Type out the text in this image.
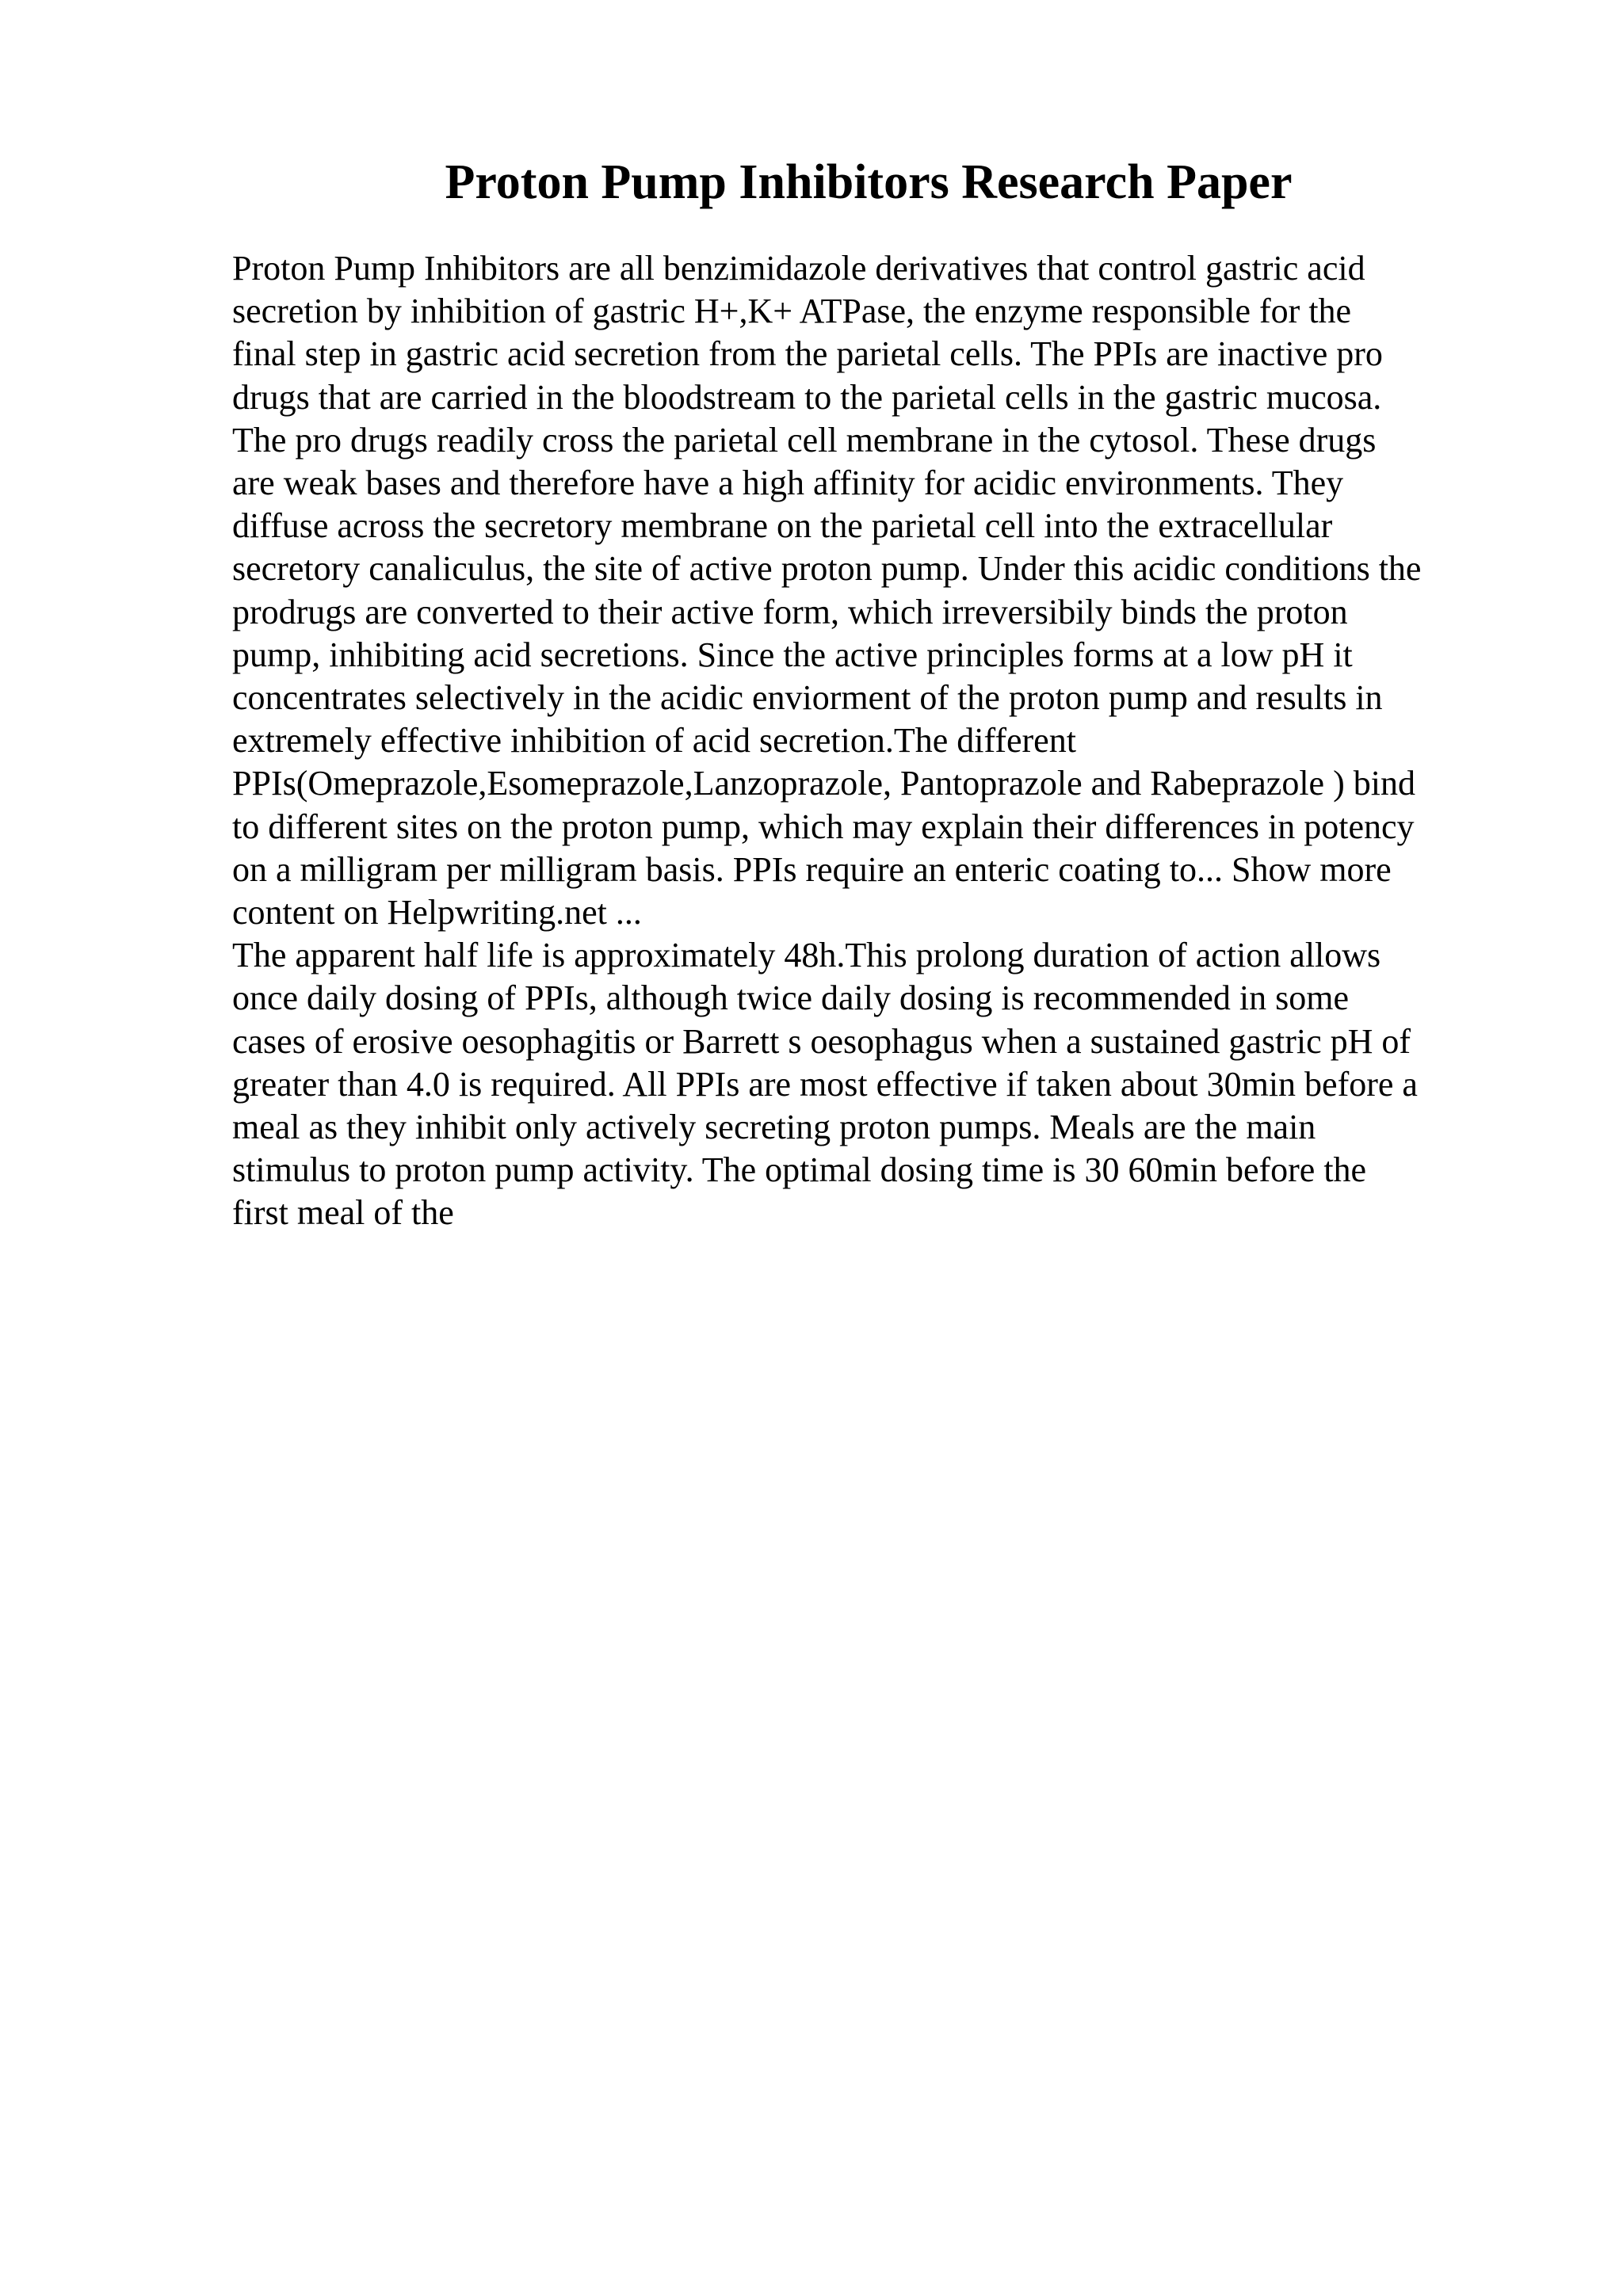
Proton Pump Inhibitors Research Paper
Proton Pump Inhibitors are all benzimidazole derivatives that control gastric acid
secretion by inhibition of gastric H+,K+ ATPase, the enzyme responsible for the
final step in gastric acid secretion from the parietal cells. The PPIs are inactive pro
drugs that are carried in the bloodstream to the parietal cells in the gastric mucosa.
The pro drugs readily cross the parietal cell membrane in the cytosol. These drugs
are weak bases and therefore have a high affinity for acidic environments. They
diffuse across the secretory membrane on the parietal cell into the extracellular
secretory canaliculus, the site of active proton pump. Under this acidic conditions the
prodrugs are converted to their active form, which irreversibily binds the proton
pump, inhibiting acid secretions. Since the active principles forms at a low pH it
concentrates selectively in the acidic enviorment of the proton pump and results in
extremely effective inhibition of acid secretion.The different
PPIs(Omeprazole,Esomeprazole,Lanzoprazole, Pantoprazole and Rabeprazole ) bind
to different sites on the proton pump, which may explain their differences in potency
on a milligram per milligram basis. PPIs require an enteric coating to... Show more
content on Helpwriting.net ...
The apparent half life is approximately 48h.This prolong duration of action allows
once daily dosing of PPIs, although twice daily dosing is recommended in some
cases of erosive oesophagitis or Barrett s oesophagus when a sustained gastric pH of
greater than 4.0 is required. All PPIs are most effective if taken about 30min before a
meal as they inhibit only actively secreting proton pumps. Meals are the main
stimulus to proton pump activity. The optimal dosing time is 30 60min before the
first meal of the
